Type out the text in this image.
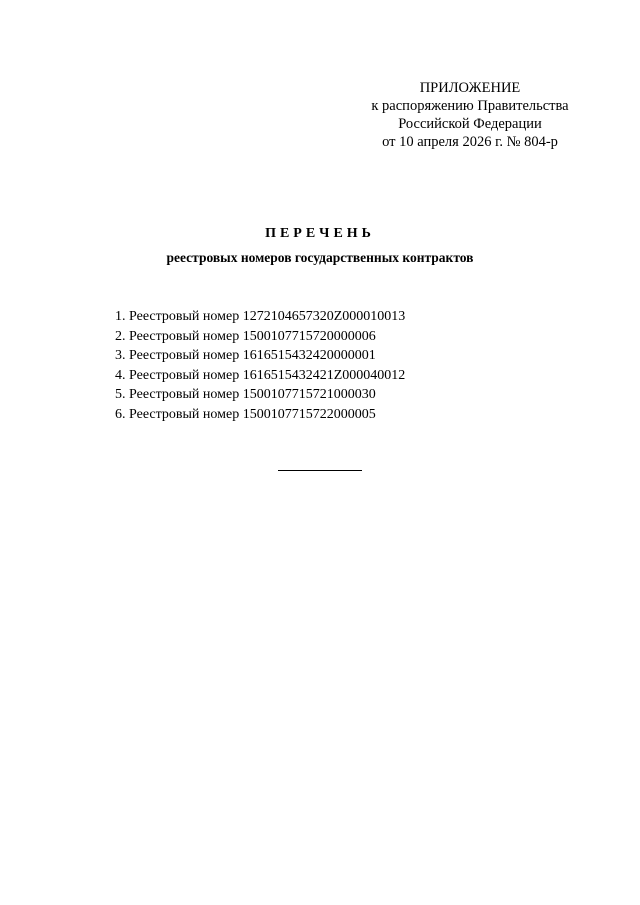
ПРИЛОЖЕНИЕ
к распоряжению Правительства
Российской Федерации
от 10 апреля 2026 г. № 804-р
ПЕРЕЧЕНЬ
реестровых номеров государственных контрактов
1. Реестровый номер 1272104657320Z000010013
2. Реестровый номер 1500107715720000006
3. Реестровый номер 1616515432420000001
4. Реестровый номер 1616515432421Z000040012
5. Реестровый номер 1500107715721000030
6. Реестровый номер 1500107715722000005
